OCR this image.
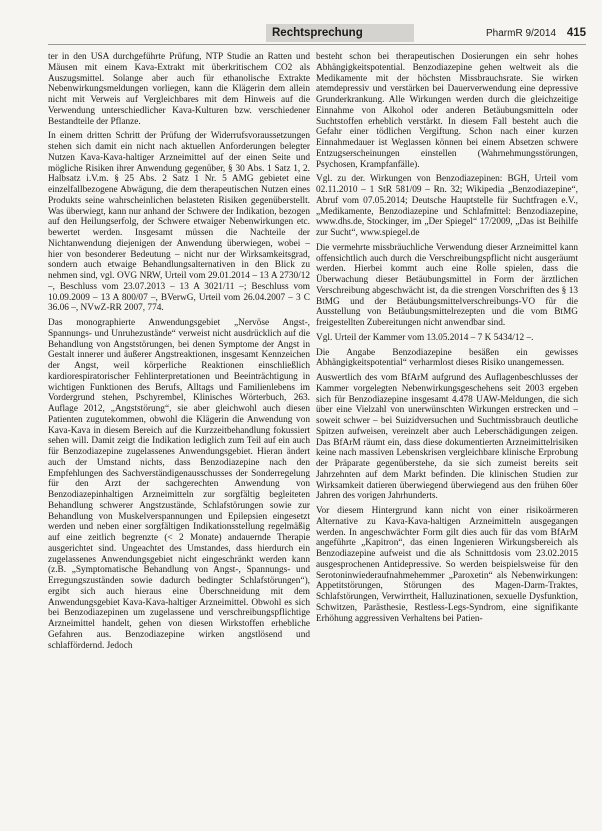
Rechtsprechung	PharmR 9/2014 415

ter in den USA durchgeführte Prüfung, NTP Studie an Ratten und Mäusen mit einem Kava-Extrakt mit überkritischem CO2 als Auszugsmittel. Solange aber auch für ethanolische Extrakte Nebenwirkungsmeldungen vorliegen, kann die Klägerin dem allein nicht mit Verweis auf Vergleichbares mit dem Hinweis auf die Verwendung unterschiedlicher Kava-Kulturen bzw. verschiedener Bestandteile der Pflanze.

In einem dritten Schritt der Prüfung der Widerrufsvoraussetzungen stehen sich damit ein nicht nach aktuellen Anforderungen belegter Nutzen Kava-Kava-haltiger Arzneimittel auf der einen Seite und mögliche Risiken ihrer Anwendung gegenüber, § 30 Abs. 1 Satz 1, 2. Halbsatz i.V.m. § 25 Abs. 2 Satz 1 Nr. 5 AMG gebietet eine einzelfallbezogene Abwägung, die dem therapeutischen Nutzen eines Produkts seine wahrscheinlichen belasteten Risiken gegenüberstellt. Was überwiegt, kann nur anhand der Schwere der Indikation, bezogen auf den Heilungserfolg, der Schwere etwaiger Nebenwirkungen etc. bewertet werden. Insgesamt müssen die Nachteile der Nichtanwendung diejenigen der Anwendung überwiegen, wobei – hier von besonderer Bedeutung – nicht nur der Wirksamkeitsgrad, sondern auch etwaige Behandlungsalternativen in den Blick zu nehmen sind, vgl. OVG NRW, Urteil vom 29.01.2014 – 13 A 2730/12 –, Beschluss vom 23.07.2013 – 13 A 3021/11 –; Beschluss vom 10.09.2009 – 13 A 800/07 –, BVerwG, Urteil vom 26.04.2007 – 3 C 36.06 –, NVwZ-RR 2007, 774.

Das monographierte Anwendungsgebiet „Nervöse Angst-, Spannungs- und Unruhezustände“ verweist nicht ausdrücklich auf die Behandlung von Angststörungen, bei denen Symptome der Angst in Gestalt innerer und äußerer Angstreaktionen, insgesamt Kennzeichen der Angst, weil körperliche Reaktionen einschließlich kardiorespiratorischer Fehlinterpretationen und Beeinträchtigung in wichtigen Funktionen des Berufs, Alltags und Familienlebens im Vordergrund stehen, Pschyrembel, Klinisches Wörterbuch, 263. Auflage 2012, „Angststörung“, sie aber gleichwohl auch diesen Patienten zugutekommen, obwohl die Klägerin die Anwendung von Kava-Kava in diesem Bereich auf die Kurzzeitbehandlung fokussiert sehen will. Damit zeigt die Indikation lediglich zum Teil auf ein auch für Benzodiazepine zugelassenes Anwendungsgebiet. Hieran ändert auch der Umstand nichts, dass Benzodiazepine nach den Empfehlungen des Sachverständigenausschusses der Sonderregelung für den Arzt der sachgerechten Anwendung von Benzodiazepinhaltigen Arzneimitteln zur sorgfältig begleiteten Behandlung schwerer Angstzustände, Schlafstörungen sowie zur Behandlung von Muskelverspannungen und Epilepsien eingesetzt werden und neben einer sorgfältigen Indikationsstellung regelmäßig auf eine zeitlich begrenzte (< 2 Monate) andauernde Therapie ausgerichtet sind. Ungeachtet des Umstandes, dass hierdurch ein zugelassenes Anwendungsgebiet nicht eingeschränkt werden kann (z.B. „Symptomatische Behandlung von Angst-, Spannungs- und Erregungszuständen sowie dadurch bedingter Schlafstörungen“), ergibt sich auch hieraus eine Überschneidung mit dem Anwendungsgebiet Kava-Kava-haltiger Arzneimittel. Obwohl es sich bei Benzodiazepinen um zugelassene und verschreibungspflichtige Arzneimittel handelt, gehen von diesen Wirkstoffen erhebliche Gefahren aus. Benzodiazepine wirken angstlösend und schlaffördernd. Jedoch

besteht schon bei therapeutischen Dosierungen ein sehr hohes Abhängigkeitspotential. Benzodiazepine gehen weltweit als die Medikamente mit der höchsten Missbrauchsrate. Sie wirken atemdepressiv und verstärken bei Dauerverwendung eine depressive Grunderkrankung. Alle Wirkungen werden durch die gleichzeitige Einnahme von Alkohol oder anderen Betäubungsmitteln oder Suchtstoffen erheblich verstärkt. In diesem Fall besteht auch die Gefahr einer tödlichen Vergiftung. Schon nach einer kurzen Einnahmedauer ist Weglassen können bei einem Absetzen schwere Entzugserscheinungen einstellen (Wahrnehmungsstörungen, Psychosen, Krampfanfälle).

Vgl. zu der. Wirkungen von Benzodiazepinen: BGH, Urteil vom 02.11.2010 – 1 StR 581/09 – Rn. 32; Wikipedia „Benzodiazepine“, Abruf vom 07.05.2014; Deutsche Hauptstelle für Suchtfragen e.V., „Medikamente, Benzodiazepine und Schlafmittel: Benzodiazepine, www.dhs.de, Stockinger, im „Der Spiegel“ 17/2009, „Das ist Beihilfe zur Sucht“, www.spiegel.de

Die vermehrte missbräuchliche Verwendung dieser Arzneimittel kann offensichtlich auch durch die Verschreibungspflicht nicht ausgeräumt werden. Hierbei kommt auch eine Rolle spielen, dass die Überwachung dieser Betäubungsmittel in Form der ärztlichen Verschreibung abgeschwächt ist, da die strengen Vorschriften des § 13 BtMG und der Betäubungsmittelverschreibungs-VO für die Ausstellung von Betäubungsmittelrezepten und die vom BtMG freigestellten Zubereitungen nicht anwendbar sind.

Vgl. Urteil der Kammer vom 13.05.2014 – 7 K 5434/12 –.

Die Angabe Benzodiazepine besäßen ein gewisses Abhängigkeitspotential“ verharmlost dieses Risiko unangemessen.

Auswertlich des vom BfArM aufgrund des Auflagenbeschlusses der Kammer vorgelegten Nebenwirkungsgeschehens seit 2003 ergeben sich für Benzodiazepine insgesamt 4.478 UAW-Meldungen, die sich über eine Vielzahl von unerwünschten Wirkungen erstrecken und – soweit schwer – bei Suizidversuchen und Suchtmissbrauch deutliche Spitzen aufweisen, vereinzelt aber auch Leberschädigungen zeigen. Das BfArM räumt ein, dass diese dokumentierten Arzneimittelrisiken keine nach massiven Lebenskrisen vergleichbare klinische Erprobung der Präparate gegenüberstehe, da sie sich zumeist bereits seit Jahrzehnten auf dem Markt befinden. Die klinischen Studien zur Wirksamkeit datieren überwiegend überwiegend aus den frühen 60er Jahren des vorigen Jahrhunderts.

Vor diesem Hintergrund kann nicht von einer risikoärmeren Alternative zu Kava-Kava-haltigen Arzneimitteln ausgegangen werden. In angeschwächter Form gilt dies auch für das vom BfArM angeführte „Kapitron“, das einen Ingenieren Wirkungsbereich als Benzodiazepine aufweist und die als Schnittdosis vom 23.02.2015 ausgesprochenen Antidepressive. So werden beispielsweise für den Serotoninwiederaufnahmehemmer „Paroxetin“ als Nebenwirkungen: Appetitstörungen, Störungen des Magen-Darm-Traktes, Schlafstörungen, Verwirrtheit, Halluzinationen, sexuelle Dysfunktion, Schwitzen, Parästhesie, Restless-Legs-Syndrom, eine signifikante Erhöhung aggressiven Verhaltens bei Patien-
